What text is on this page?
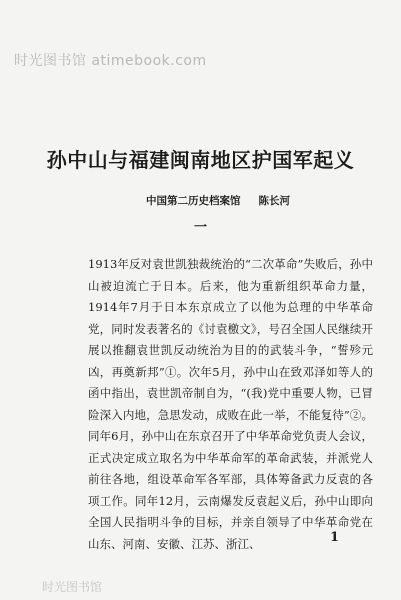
时光图书馆 atimebook.com
孙中山与福建闽南地区护国军起义
中国第二历史档案馆 陈长河
一

1913年反对袁世凯独裁统治的“二次革命”失败后，孙中山被迫流亡于日本。后来，他为重新组织革命力量，1914年7月于日本东京成立了以他为总理的中华革命党，同时发表著名的《讨袁檄文》，号召全国人民继续开展以推翻袁世凯反动统治为目的的武装斗争，“誓殄元凶，再奠新邦”①。次年5月，孙中山在致邓泽如等人的函中指出，袁世凯帝制自为，“(我)党中重要人物，已冒险深入内地，急思发动，成败在此一举，不能复待”②。同年6月，孙中山在东京召开了中华革命党负责人会议，正式决定成立取名为中华革命军的革命武装，并派党人前往各地，组设革命军各军部，具体筹备武力反袁的各项工作。同年12月，云南爆发反袁起义后，孙中山即向全国人民指明斗争的目标，并亲自领导了中华革命党在山东、河南、安徽、江苏、浙江、	1
时光图书馆
